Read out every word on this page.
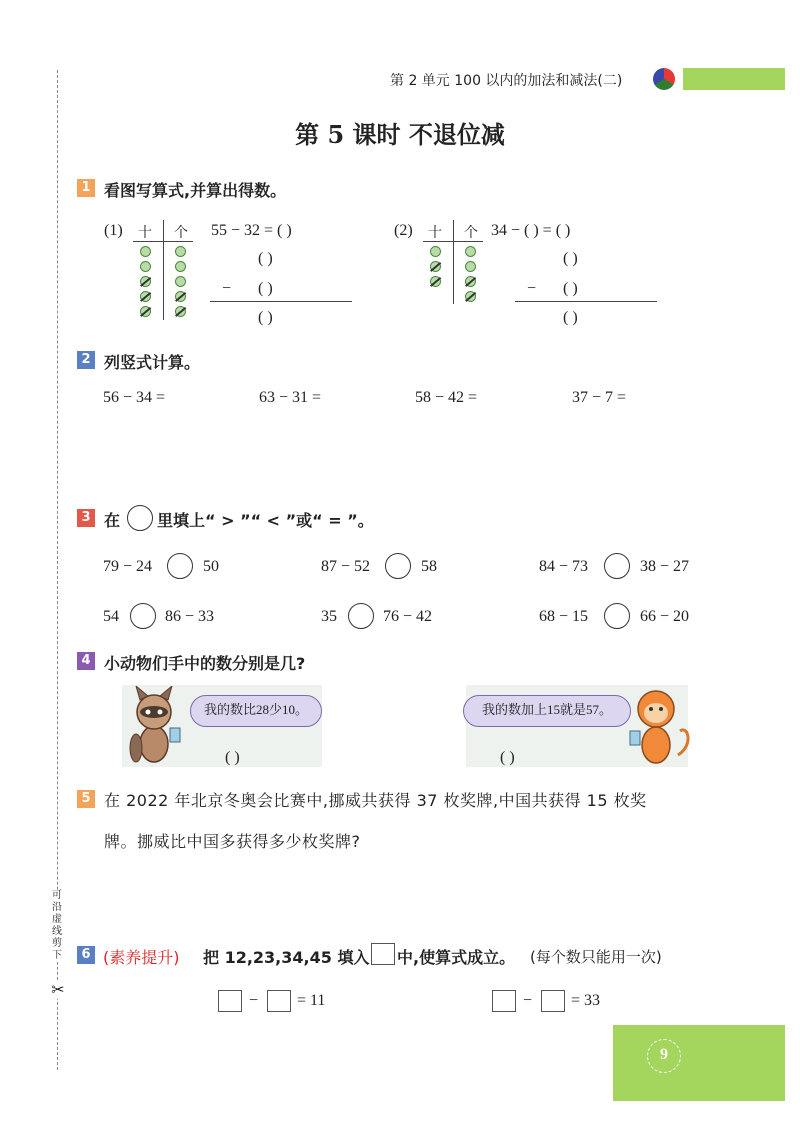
可沿虚线剪下
✂
第 2 单元 100 以内的加法和减法(二)
第 5 课时 不退位减
1 看图写算式,并算出得数。
(1) 十 个 55 − 32 = ( )
( )
− ( )
( )
(2) 十 个 34 − ( ) = ( )
( )
− ( )
( )
2 列竖式计算。
56 − 34 =	63 − 31 =	58 − 42 =	37 − 7 =
3 在 里填上“ > ”“ < ”或“ = ”。
79 − 24	50	87 − 52	58	84 − 73	38 − 27
54	86 − 33	35	76 − 42	68 − 15	66 − 20
4 小动物们手中的数分别是几?
我的数比28少10。
( )
我的数加上15就是57。
( )
5 在 2022 年北京冬奥会比赛中,挪威共获得 37 枚奖牌,中国共获得 15 枚奖
牌。挪威比中国多获得多少枚奖牌?
6 (素养提升) 把 12,23,34,45 填入 中,使算式成立。 (每个数只能用一次)
− = 11	− = 33
9
